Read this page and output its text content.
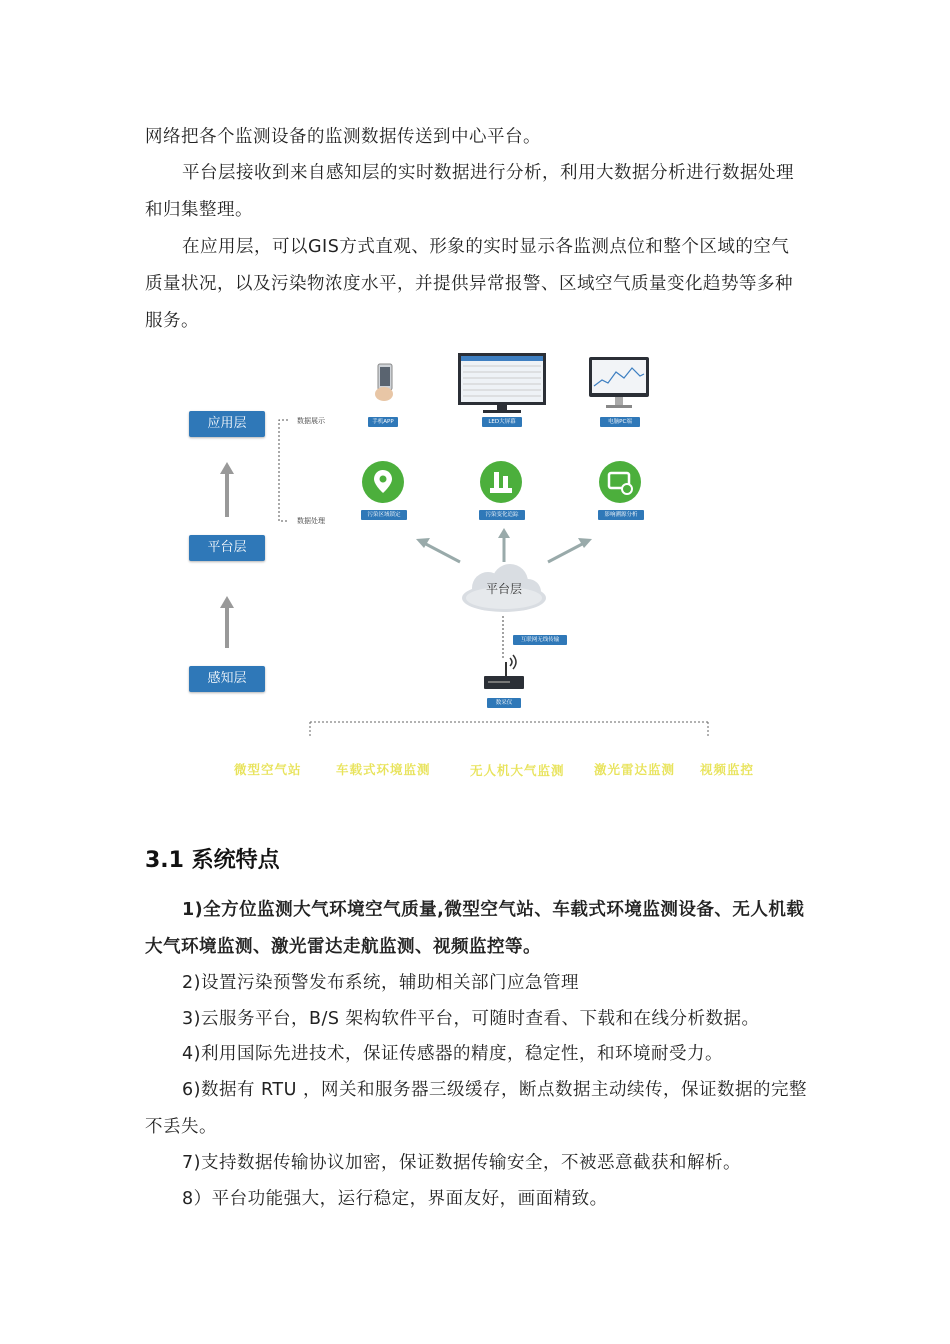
网络把各个监测设备的监测数据传送到中心平台。

平台层接收到来自感知层的实时数据进行分析，利用大数据分析进行数据处理和归集整理。

在应用层，可以GIS方式直观、形象的实时显示各监测点位和整个区域的空气质量状况，以及污染物浓度水平，并提供异常报警、区域空气质量变化趋势等多种服务。

应用层
平台层
感知层
数据展示
数据处理
手机APP	LED大屏幕	电脑PC端
污染区域锁定	污染变化追踪	影响溯源分析
平台层
互联网无线传输
数采仪
微型空气站	车载式环境监测	无人机大气监测 激光雷达监测 视频监控
3.1 系统特点

1)全方位监测大气环境空气质量,微型空气站、车载式环境监测设备、无人机载大气环境监测、激光雷达走航监测、视频监控等。

2)设置污染预警发布系统，辅助相关部门应急管理

3)云服务平台，B/S 架构软件平台，可随时查看、下载和在线分析数据。

4)利用国际先进技术，保证传感器的精度，稳定性，和环境耐受力。

6)数据有 RTU ，网关和服务器三级缓存，断点数据主动续传，保证数据的完整不丢失。

7)支持数据传输协议加密，保证数据传输安全，不被恶意截获和解析。

8）平台功能强大，运行稳定，界面友好，画面精致。
